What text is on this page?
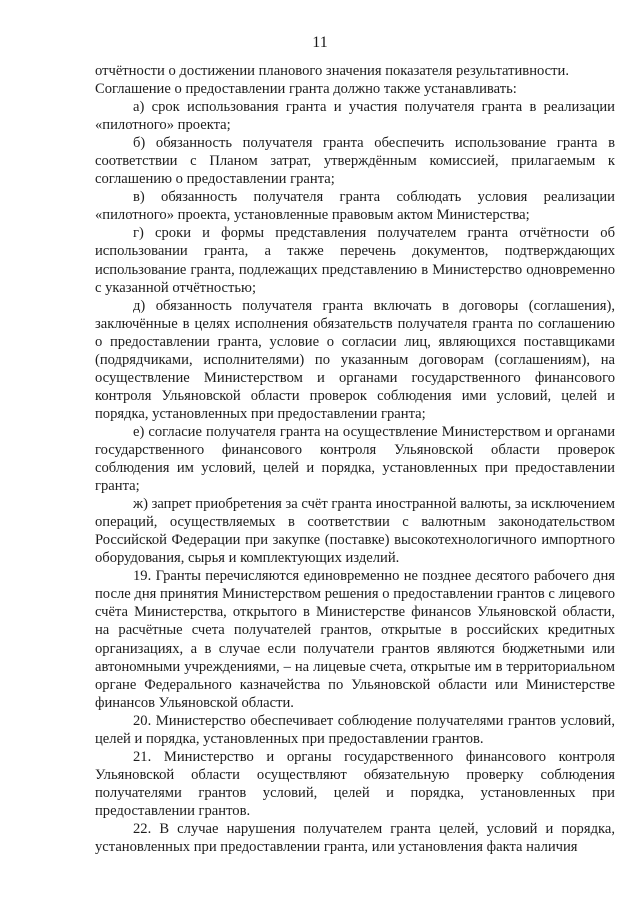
11

отчётности о достижении планового значения показателя результативности.

Соглашение о предоставлении гранта должно также устанавливать:

а) срок использования гранта и участия получателя гранта в реализации «пилотного» проекта;

б) обязанность получателя гранта обеспечить использование гранта в соответствии с Планом затрат, утверждённым комиссией, прилагаемым к соглашению о предоставлении гранта;

в) обязанность получателя гранта соблюдать условия реализации «пилотного» проекта, установленные правовым актом Министерства;

г) сроки и формы представления получателем гранта отчётности об использовании гранта, а также перечень документов, подтверждающих использование гранта, подлежащих представлению в Министерство одновременно с указанной отчётностью;

д) обязанность получателя гранта включать в договоры (соглашения), заключённые в целях исполнения обязательств получателя гранта по соглашению о предоставлении гранта, условие о согласии лиц, являющихся поставщиками (подрядчиками, исполнителями) по указанным договорам (соглашениям), на осуществление Министерством и органами государственного финансового контроля Ульяновской области проверок соблюдения ими условий, целей и порядка, установленных при предоставлении гранта;

е) согласие получателя гранта на осуществление Министерством и органами государственного финансового контроля Ульяновской области проверок соблюдения им условий, целей и порядка, установленных при предоставлении гранта;

ж) запрет приобретения за счёт гранта иностранной валюты, за исключением операций, осуществляемых в соответствии с валютным законодательством Российской Федерации при закупке (поставке) высокотехнологичного импортного оборудования, сырья и комплектующих изделий.

19. Гранты перечисляются единовременно не позднее десятого рабочего дня после дня принятия Министерством решения о предоставлении грантов с лицевого счёта Министерства, открытого в Министерстве финансов Ульяновской области, на расчётные счета получателей грантов, открытые в российских кредитных организациях, а в случае если получатели грантов являются бюджетными или автономными учреждениями, – на лицевые счета, открытые им в территориальном органе Федерального казначейства по Ульяновской области или Министерстве финансов Ульяновской области.

20. Министерство обеспечивает соблюдение получателями грантов условий, целей и порядка, установленных при предоставлении грантов.

21. Министерство и органы государственного финансового контроля Ульяновской области осуществляют обязательную проверку соблюдения получателями грантов условий, целей и порядка, установленных при предоставлении грантов.

22. В случае нарушения получателем гранта целей, условий и порядка, установленных при предоставлении гранта, или установления факта наличия
